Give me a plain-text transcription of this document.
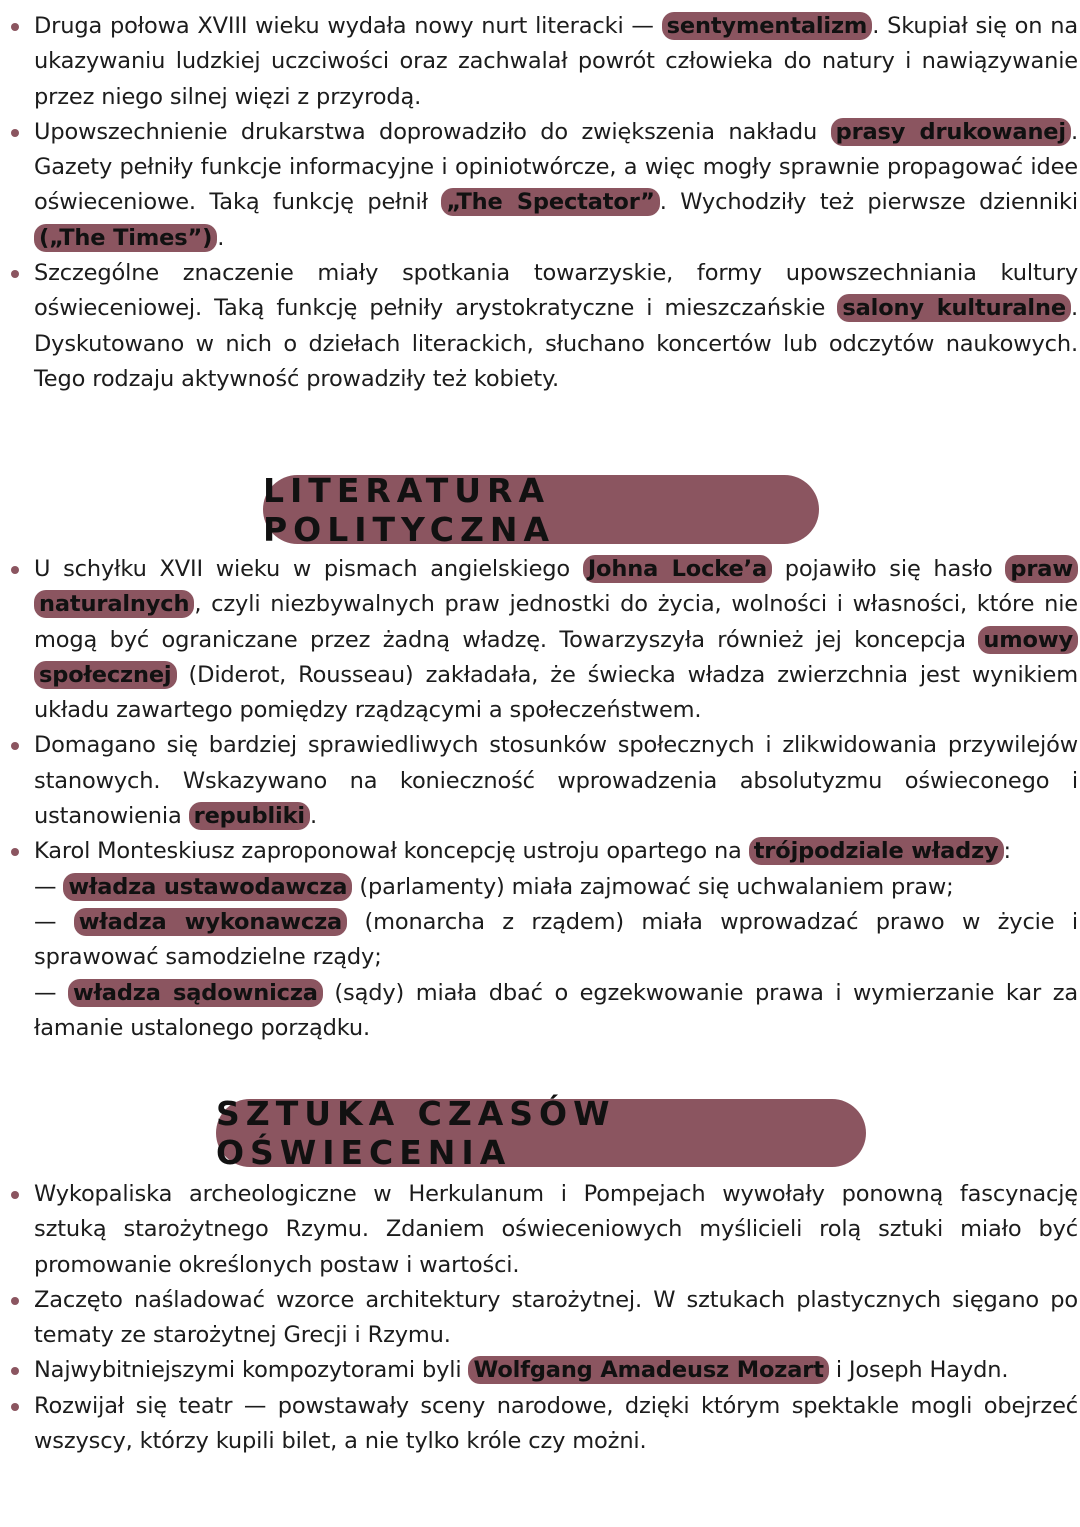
Druga połowa XVIII wieku wydała nowy nurt literacki — sentymentalizm . Skupiał się on na ukazywaniu ludzkiej uczciwości oraz zachwalał powrót człowieka do natury i nawiązywanie przez niego silnej więzi z przyrodą.
Upowszechnienie drukarstwa doprowadziło do zwiększenia nakładu prasy drukowanej . Gazety pełniły funkcje informacyjne i opiniotwórcze, a więc mogły sprawnie propagować idee oświeceniowe. Taką funkcję pełnił „The Spectator” . Wychodziły też pierwsze dzienniki („The Times”) .
Szczególne znaczenie miały spotkania towarzyskie, formy upowszechniania kultury oświeceniowej. Taką funkcję pełniły arystokratyczne i mieszczańskie salony kulturalne . Dyskutowano w nich o dziełach literackich, słuchano koncertów lub odczytów naukowych. Tego rodzaju aktywność prowadziły też kobiety.
LITERATURA POLITYCZNA
U schyłku XVII wieku w pismach angielskiego Johna Locke’a pojawiło się hasło praw naturalnych , czyli niezbywalnych praw jednostki do życia, wolności i własności, które nie mogą być ograniczane przez żadną władzę. Towarzyszyła również jej koncepcja umowy społecznej (Diderot, Rousseau) zakładała, że świecka władza zwierzchnia jest wynikiem układu zawartego pomiędzy rządzącymi a społeczeństwem.
Domagano się bardziej sprawiedliwych stosunków społecznych i zlikwidowania przywilejów stanowych. Wskazywano na konieczność wprowadzenia absolutyzmu oświeconego i ustanowienia republiki .
Karol Monteskiusz zaproponował koncepcję ustroju opartego na trójpodziale władzy :
— władza ustawodawcza (parlamenty) miała zajmować się uchwalaniem praw;
— władza wykonawcza (monarcha z rządem) miała wprowadzać prawo w życie i sprawować samodzielne rządy;
— władza sądownicza (sądy) miała dbać o egzekwowanie prawa i wymierzanie kar za łamanie ustalonego porządku.
SZTUKA CZASÓW OŚWIECENIA
Wykopaliska archeologiczne w Herkulanum i Pompejach wywołały ponowną fascynację sztuką starożytnego Rzymu. Zdaniem oświeceniowych myślicieli rolą sztuki miało być promowanie określonych postaw i wartości.
Zaczęto naśladować wzorce architektury starożytnej. W sztukach plastycznych sięgano po tematy ze starożytnej Grecji i Rzymu.
Najwybitniejszymi kompozytorami byli Wolfgang Amadeusz Mozart i Joseph Haydn.
Rozwijał się teatr — powstawały sceny narodowe, dzięki którym spektakle mogli obejrzeć wszyscy, którzy kupili bilet, a nie tylko króle czy możni.
